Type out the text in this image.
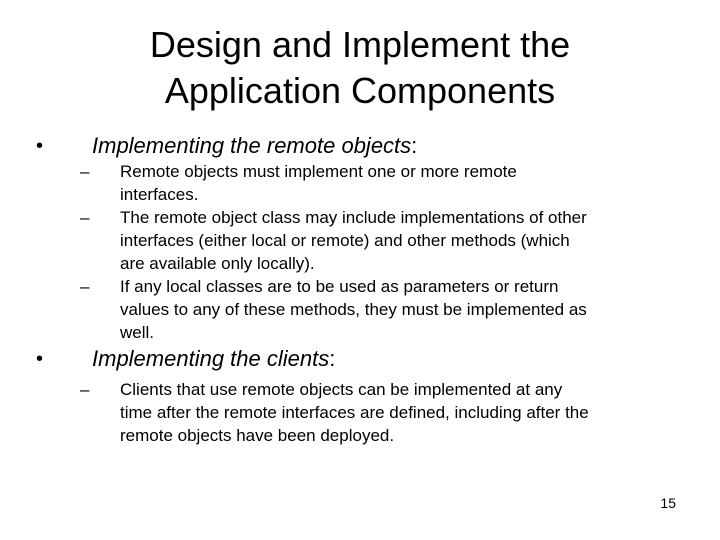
Design and Implement the
Application Components
• Implementing the remote objects:
– Remote objects must implement one or more remote
interfaces.
– The remote object class may include implementations of other
interfaces (either local or remote) and other methods (which
are available only locally).
– If any local classes are to be used as parameters or return
values to any of these methods, they must be implemented as
well.
• Implementing the clients:
– Clients that use remote objects can be implemented at any
time after the remote interfaces are defined, including after the
remote objects have been deployed.
15
